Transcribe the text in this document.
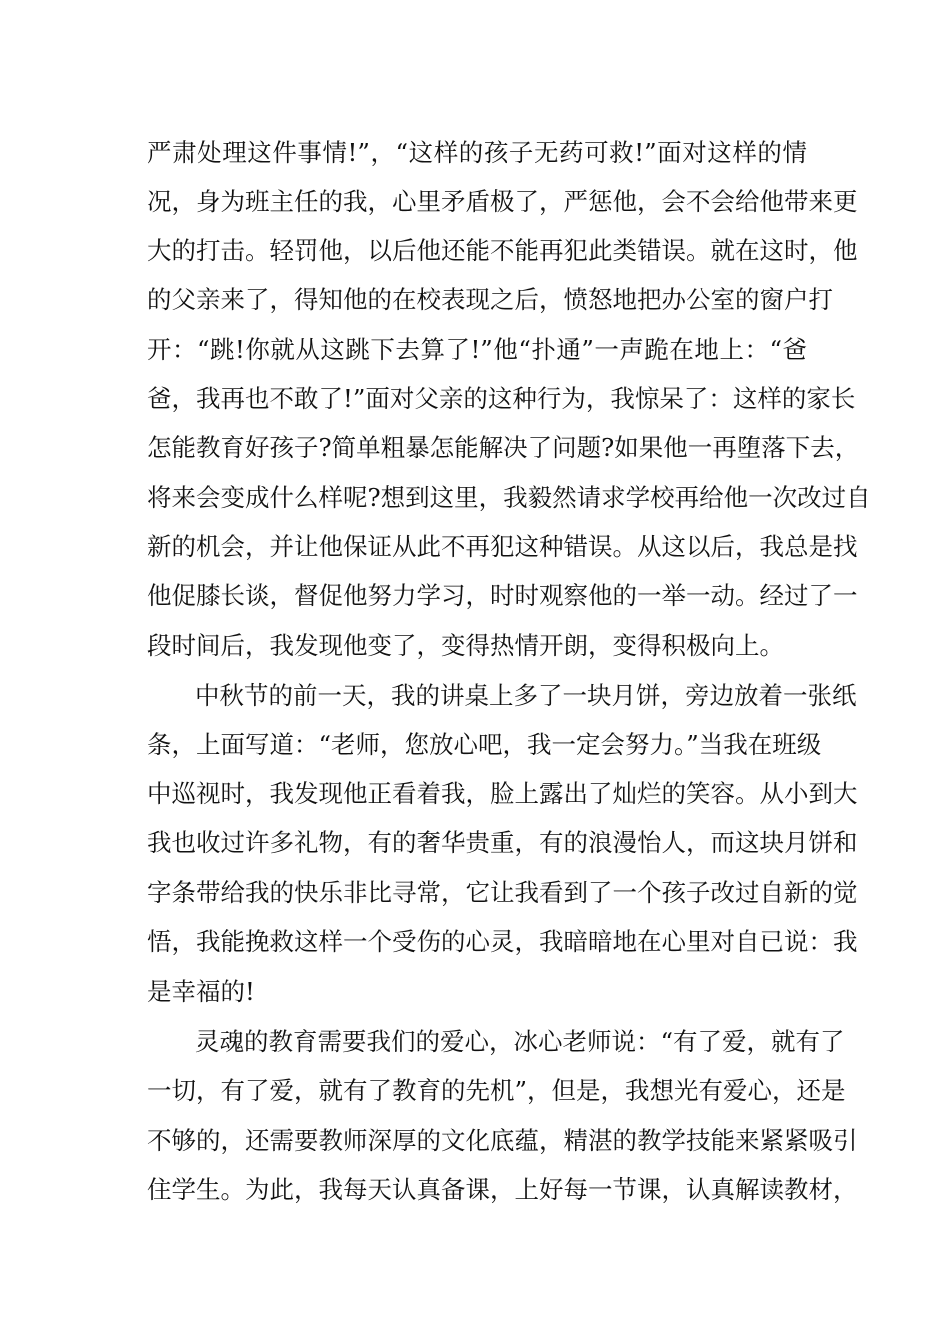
严肃处理这件事情!”，“这样的孩子无药可救!”面对这样的情
况，身为班主任的我，心里矛盾极了，严惩他，会不会给他带来更
大的打击。轻罚他，以后他还能不能再犯此类错误。就在这时，他
的父亲来了，得知他的在校表现之后，愤怒地把办公室的窗户打
开：“跳!你就从这跳下去算了!”他“扑通”一声跪在地上：“爸
爸，我再也不敢了!”面对父亲的这种行为，我惊呆了：这样的家长
怎能教育好孩子?简单粗暴怎能解决了问题?如果他一再堕落下去，
将来会变成什么样呢?想到这里，我毅然请求学校再给他一次改过自
新的机会，并让他保证从此不再犯这种错误。从这以后，我总是找
他促膝长谈，督促他努力学习，时时观察他的一举一动。经过了一
段时间后，我发现他变了，变得热情开朗，变得积极向上。
中秋节的前一天，我的讲桌上多了一块月饼，旁边放着一张纸
条，上面写道：“老师，您放心吧，我一定会努力。”当我在班级
中巡视时，我发现他正看着我，脸上露出了灿烂的笑容。从小到大
我也收过许多礼物，有的奢华贵重，有的浪漫怡人，而这块月饼和
字条带给我的快乐非比寻常，它让我看到了一个孩子改过自新的觉
悟，我能挽救这样一个受伤的心灵，我暗暗地在心里对自已说：我
是幸福的!
灵魂的教育需要我们的爱心，冰心老师说：“有了爱，就有了
一切，有了爱，就有了教育的先机”，但是，我想光有爱心，还是
不够的，还需要教师深厚的文化底蕴，精湛的教学技能来紧紧吸引
住学生。为此，我每天认真备课，上好每一节课，认真解读教材，
